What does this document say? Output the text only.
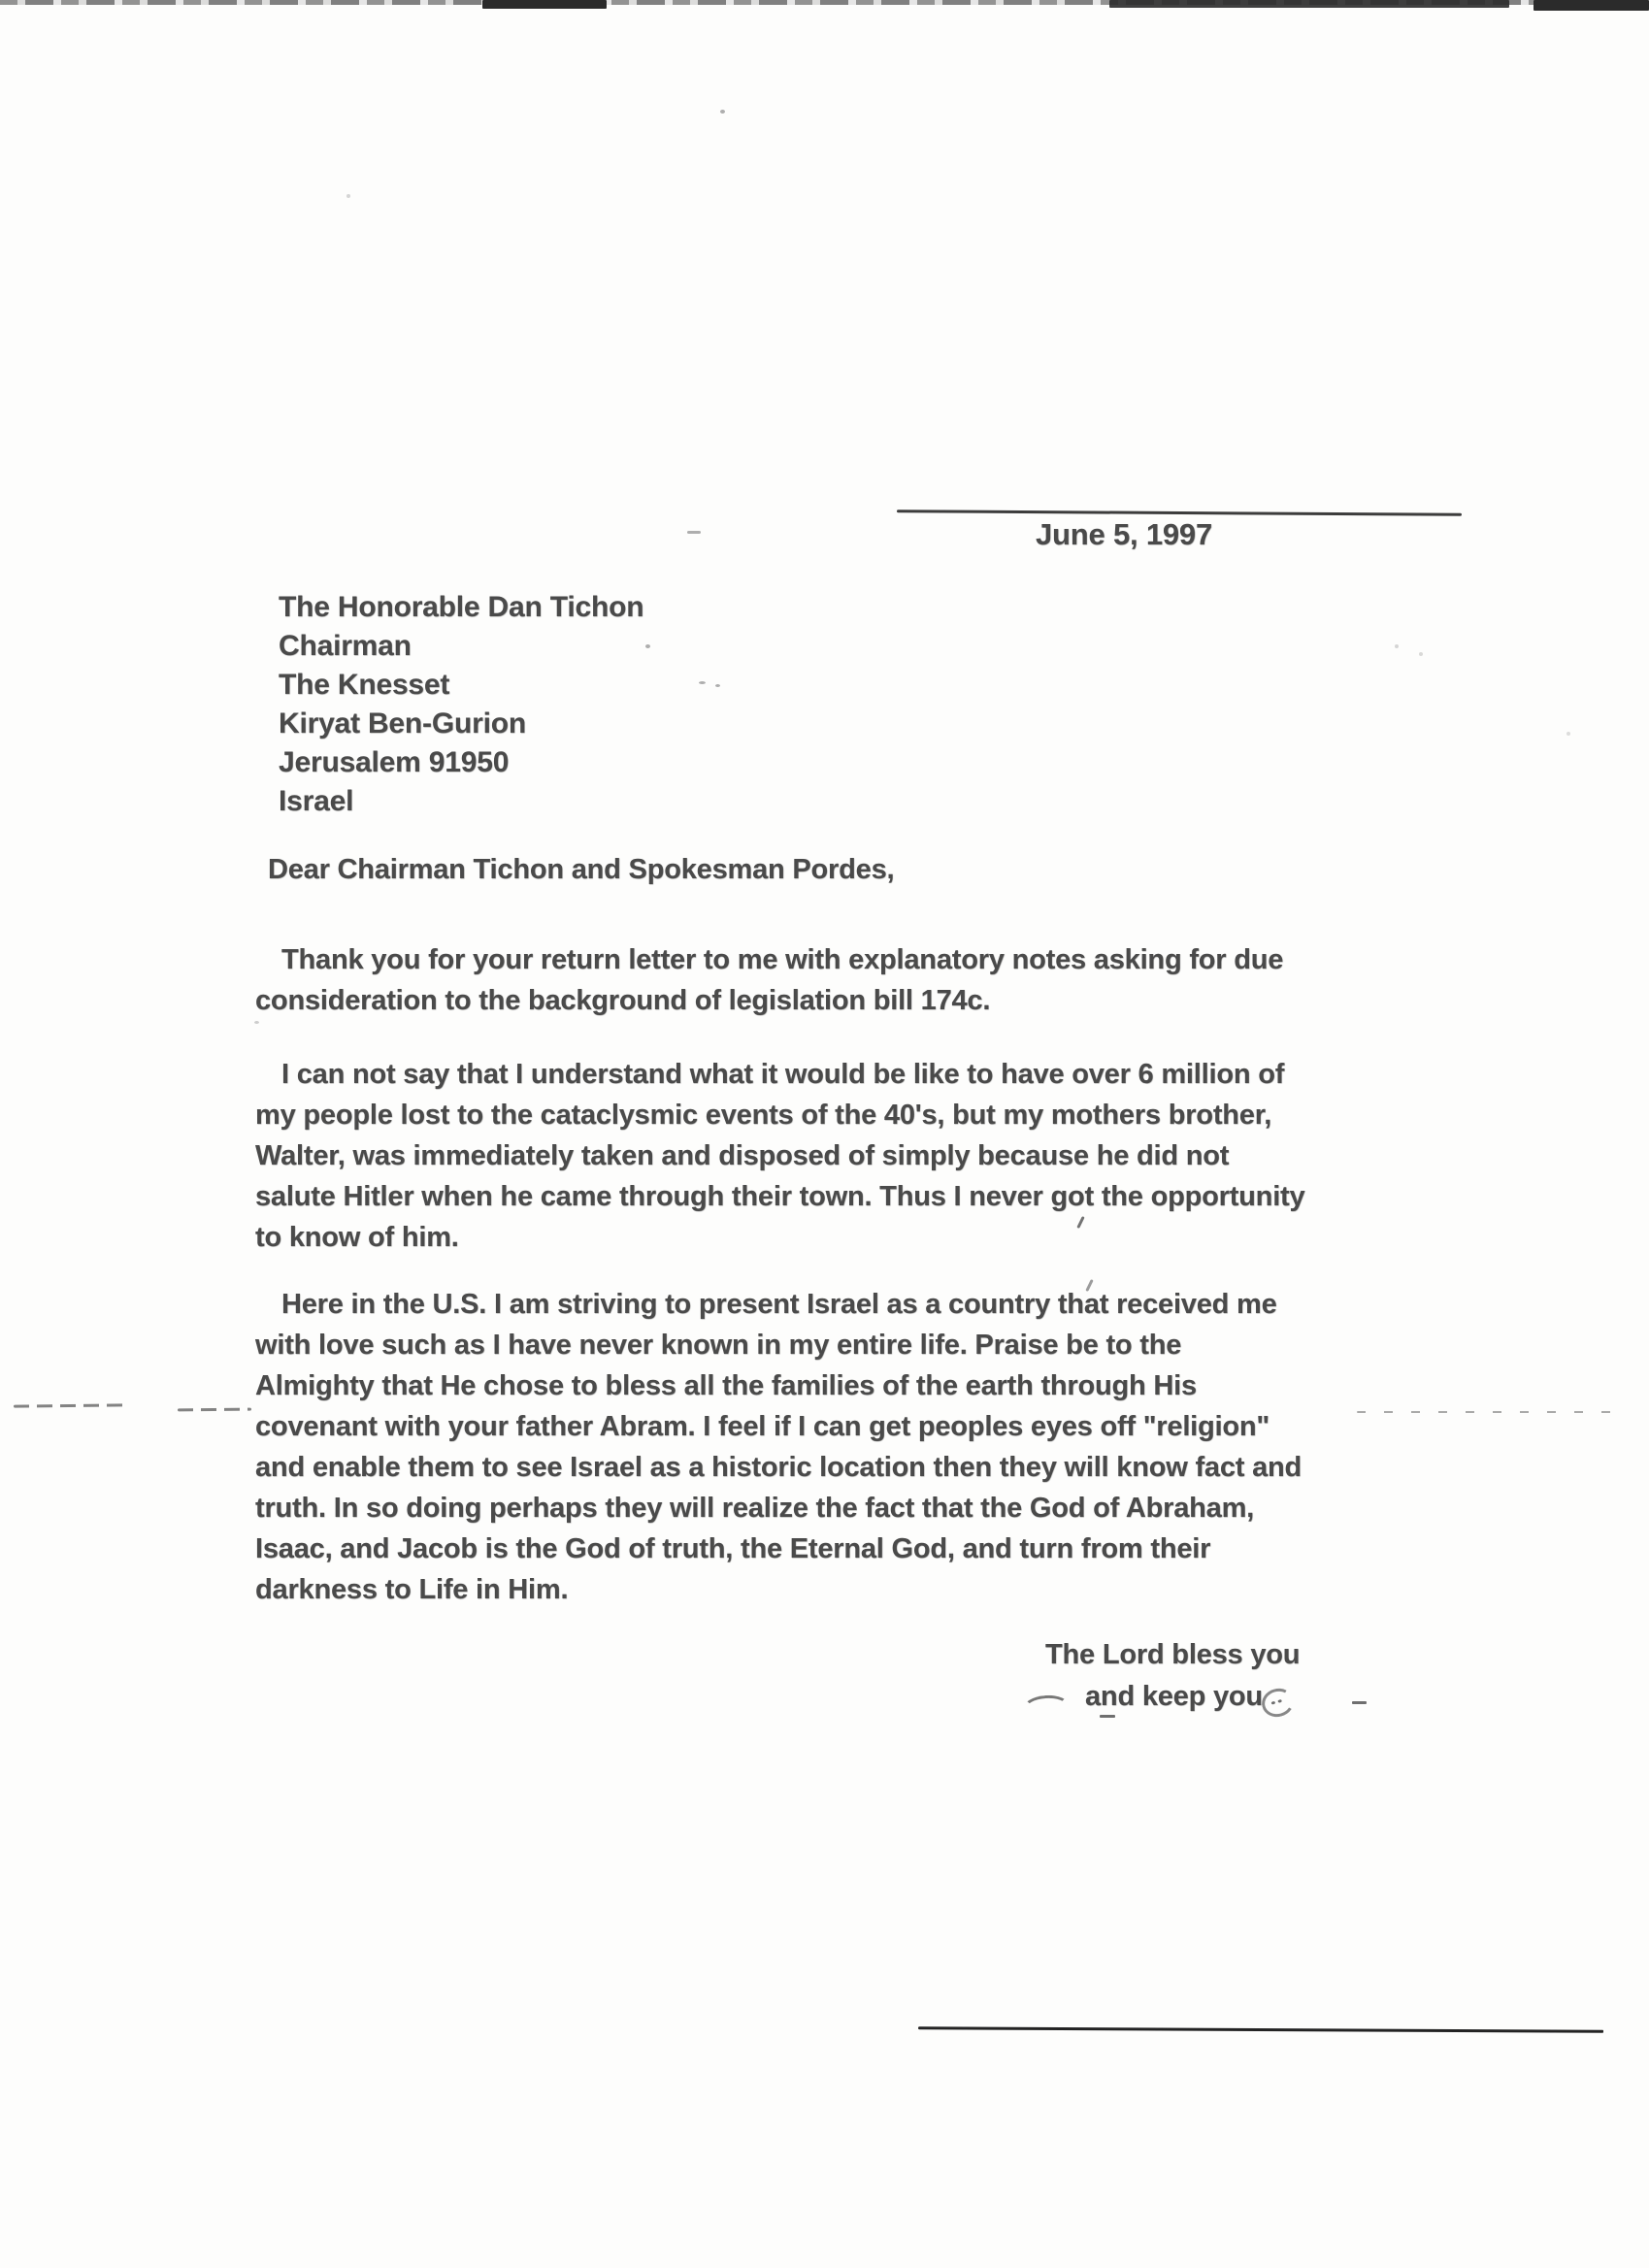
June 5, 1997
The Honorable Dan Tichon
Chairman
The Knesset
Kiryat Ben-Gurion
Jerusalem 91950
Israel
Dear Chairman Tichon and Spokesman Pordes,
Thank you for your return letter to me with explanatory notes asking for due
consideration to the background of legislation bill 174c.
I can not say that I understand what it would be like to have over 6 million of
my people lost to the cataclysmic events of the 40's, but my mothers brother,
Walter, was immediately taken and disposed of simply because he did not
salute Hitler when he came through their town. Thus I never got the opportunity
to know of him.
Here in the U.S. I am striving to present Israel as a country that received me
with love such as I have never known in my entire life. Praise be to the
Almighty that He chose to bless all the families of the earth through His
covenant with your father Abram. I feel if I can get peoples eyes off "religion"
and enable them to see Israel as a historic location then they will know fact and
truth. In so doing perhaps they will realize the fact that the God of Abraham,
Isaac, and Jacob is the God of truth, the Eternal God, and turn from their
darkness to Life in Him.
The Lord bless you
and keep you
